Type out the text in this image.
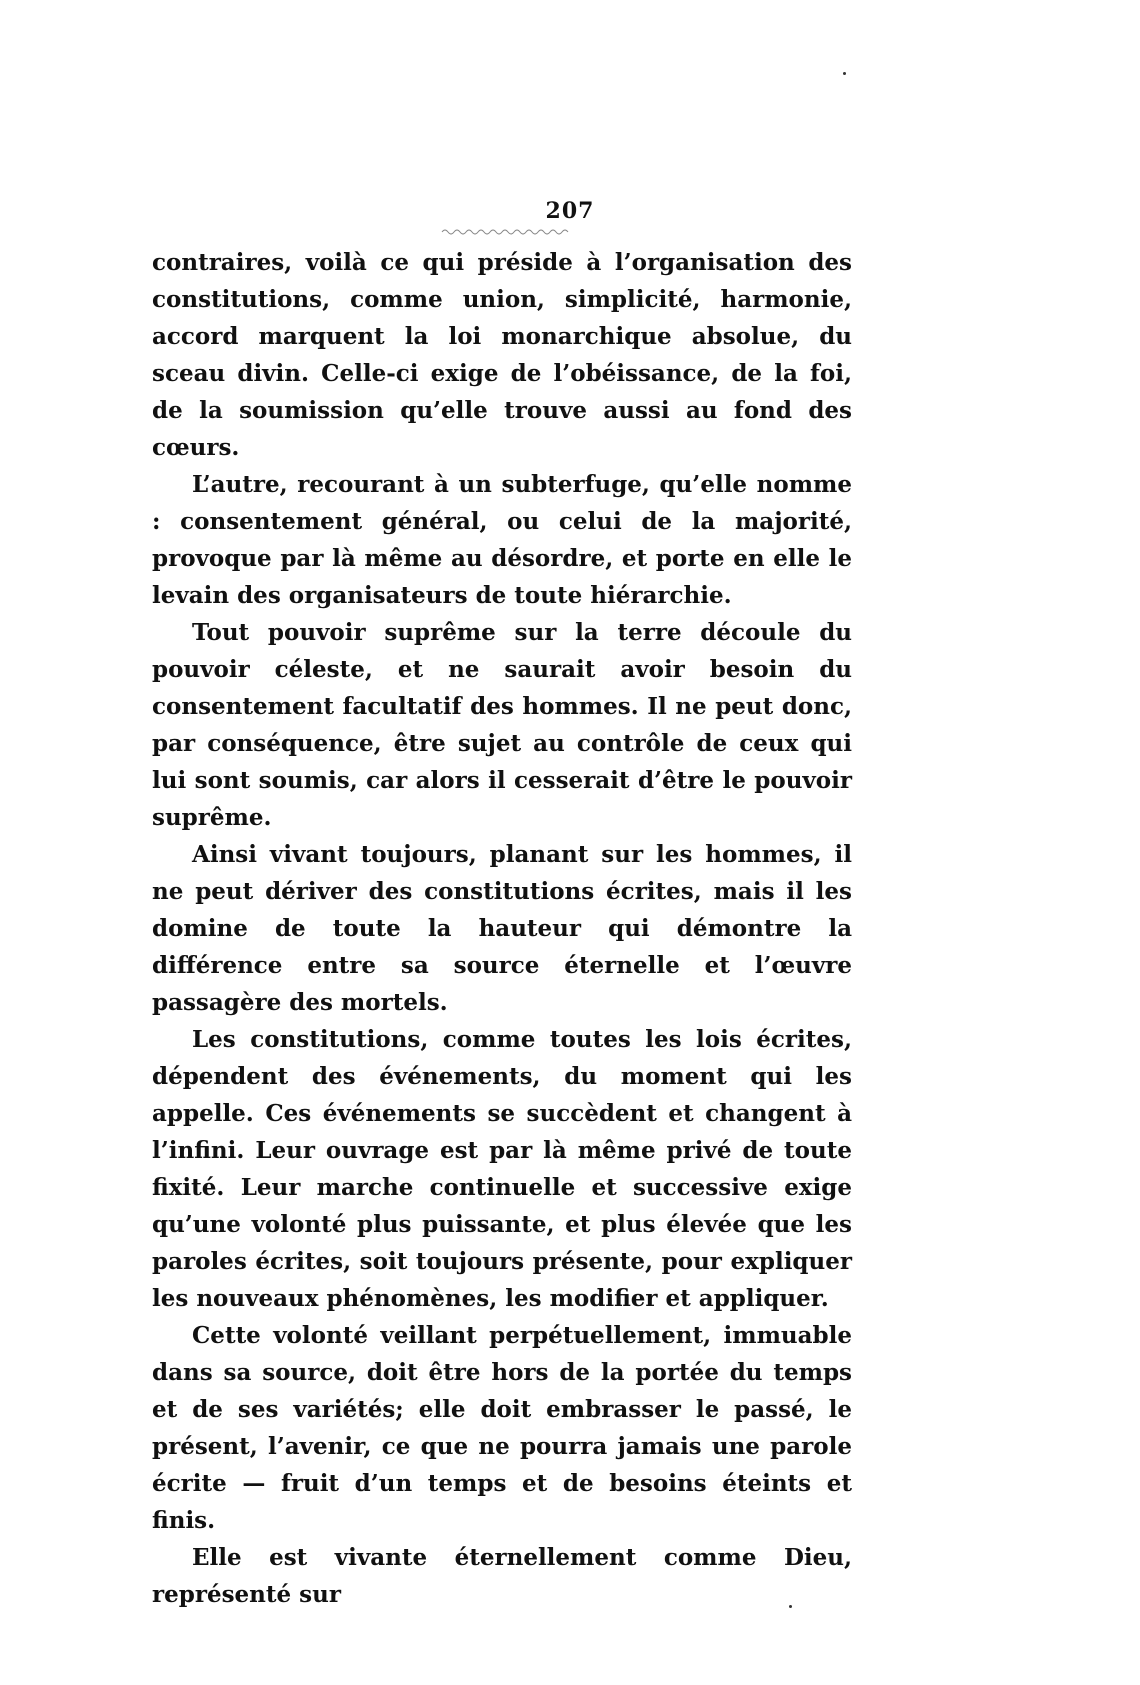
207

contraires, voilà ce qui préside à l’organisation des constitutions, comme union, simplicité, harmonie, accord marquent la loi monarchique absolue, du sceau divin. Celle-ci exige de l’obéissance, de la foi, de la soumission qu’elle trouve aussi au fond des cœurs.

L’autre, recourant à un subterfuge, qu’elle nomme : consentement général, ou celui de la majorité, provoque par là même au désordre, et porte en elle le levain des organisateurs de toute hiérarchie.

Tout pouvoir suprême sur la terre découle du pouvoir céleste, et ne saurait avoir besoin du consentement facultatif des hommes. Il ne peut donc, par conséquence, être sujet au contrôle de ceux qui lui sont soumis, car alors il cesserait d’être le pouvoir suprême.

Ainsi vivant toujours, planant sur les hommes, il ne peut dériver des constitutions écrites, mais il les domine de toute la hauteur qui démontre la différence entre sa source éternelle et l’œuvre passagère des mortels.

Les constitutions, comme toutes les lois écrites, dépendent des événements, du moment qui les appelle. Ces événements se succèdent et changent à l’infini. Leur ouvrage est par là même privé de toute fixité. Leur marche continuelle et successive exige qu’une volonté plus puissante, et plus élevée que les paroles écrites, soit toujours présente, pour expliquer les nouveaux phénomènes, les modifier et appliquer.

Cette volonté veillant perpétuellement, immuable dans sa source, doit être hors de la portée du temps et de ses variétés; elle doit embrasser le passé, le présent, l’avenir, ce que ne pourra jamais une parole écrite — fruit d’un temps et de besoins éteints et finis.

Elle est vivante éternellement comme Dieu, représenté sur
